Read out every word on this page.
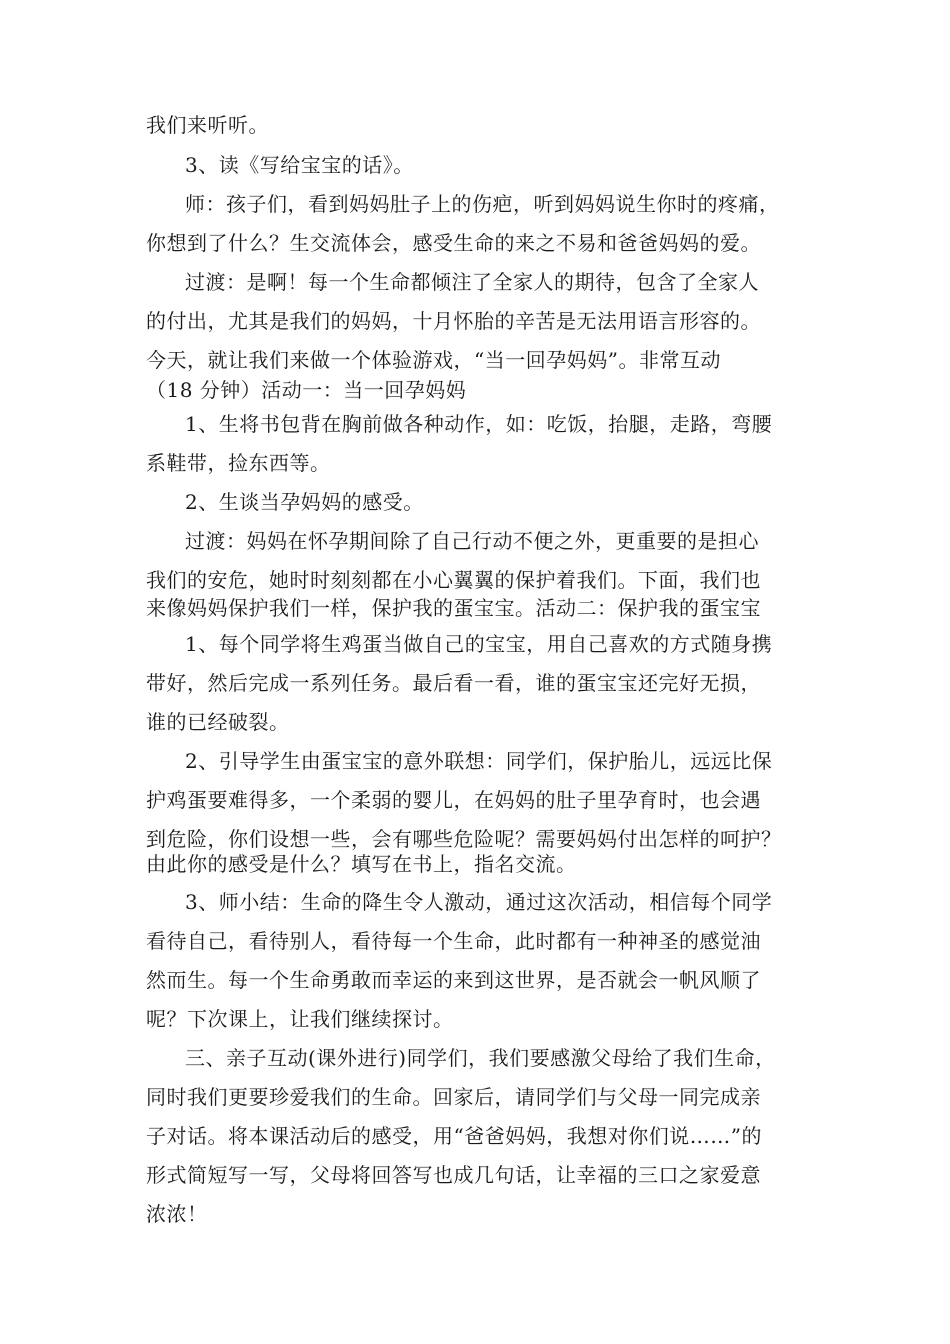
我们来听听。
3、读《写给宝宝的话》。
师：孩子们，看到妈妈肚子上的伤疤，听到妈妈说生你时的疼痛，
你想到了什么？生交流体会，感受生命的来之不易和爸爸妈妈的爱。
过渡：是啊！每一个生命都倾注了全家人的期待，包含了全家人
的付出，尤其是我们的妈妈，十月怀胎的辛苦是无法用语言形容的。
今天，就让我们来做一个体验游戏，“当一回孕妈妈”。非常互动
（18 分钟）活动一：当一回孕妈妈
1、生将书包背在胸前做各种动作，如：吃饭，抬腿，走路，弯腰
系鞋带，捡东西等。
2、生谈当孕妈妈的感受。
过渡：妈妈在怀孕期间除了自己行动不便之外，更重要的是担心
我们的安危，她时时刻刻都在小心翼翼的保护着我们。下面，我们也
来像妈妈保护我们一样，保护我的蛋宝宝。活动二：保护我的蛋宝宝
1、每个同学将生鸡蛋当做自己的宝宝，用自己喜欢的方式随身携
带好，然后完成一系列任务。最后看一看，谁的蛋宝宝还完好无损，
谁的已经破裂。
2、引导学生由蛋宝宝的意外联想：同学们，保护胎儿，远远比保
护鸡蛋要难得多，一个柔弱的婴儿，在妈妈的肚子里孕育时，也会遇
到危险，你们设想一些，会有哪些危险呢？需要妈妈付出怎样的呵护？
由此你的感受是什么？填写在书上，指名交流。
3、师小结：生命的降生令人激动，通过这次活动，相信每个同学
看待自己，看待别人，看待每一个生命，此时都有一种神圣的感觉油
然而生。每一个生命勇敢而幸运的来到这世界，是否就会一帆风顺了
呢？下次课上，让我们继续探讨。
三、亲子互动(课外进行)同学们，我们要感激父母给了我们生命，
同时我们更要珍爱我们的生命。回家后，请同学们与父母一同完成亲
子对话。将本课活动后的感受，用“爸爸妈妈，我想对你们说……”的
形式简短写一写，父母将回答写也成几句话，让幸福的三口之家爱意
浓浓！
